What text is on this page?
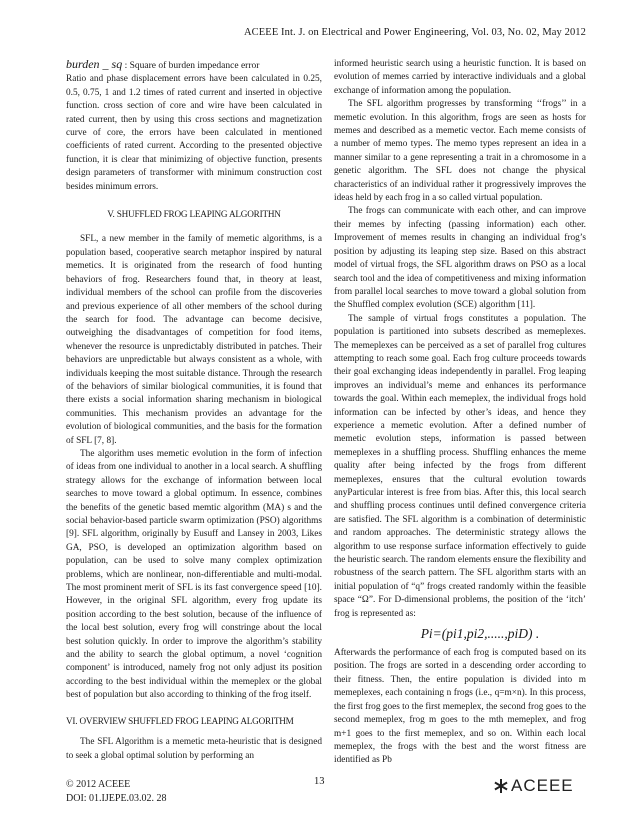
ACEEE Int. J. on Electrical and Power Engineering, Vol. 03, No. 02, May 2012

burden _ sq : Square of burden impedance error

Ratio and phase displacement errors have been calculated in 0.25, 0.5, 0.75, 1 and 1.2 times of rated current and inserted in objective function. cross section of core and wire have been calculated in rated current, then by using this cross sections and magnetization curve of core, the errors have been calculated in mentioned coefficients of rated current. According to the presented objective function, it is clear that minimizing of objective function, presents design parameters of transformer with minimum construction cost besides minimum errors.

V. SHUFFLED FROG LEAPING ALGORITHN

SFL, a new member in the family of memetic algorithms, is a population based, cooperative search metaphor inspired by natural memetics. It is originated from the research of food hunting behaviors of frog. Researchers found that, in theory at least, individual members of the school can profile from the discoveries and previous experience of all other members of the school during the search for food. The advantage can become decisive, outweighing the disadvantages of competition for food items, whenever the resource is unpredictably distributed in patches. Their behaviors are unpredictable but always consistent as a whole, with individuals keeping the most suitable distance. Through the research of the behaviors of similar biological communities, it is found that there exists a social information sharing mechanism in biological communities. This mechanism provides an advantage for the evolution of biological communities, and the basis for the formation of SFL [7, 8].

The algorithm uses memetic evolution in the form of infection of ideas from one individual to another in a local search. A shuffling strategy allows for the exchange of information between local searches to move toward a global optimum. In essence, combines the benefits of the genetic based memtic algorithm (MA) s and the social behavior-based particle swarm optimization (PSO) algorithms [9]. SFL algorithm, originally by Eusuff and Lansey in 2003, Likes GA, PSO, is developed an optimization algorithm based on population, can be used to solve many complex optimization problems, which are nonlinear, non-differentiable and multi-modal. The most prominent merit of SFL is its fast convergence speed [10]. However, in the original SFL algorithm, every frog update its position according to the best solution, because of the influence of the local best solution, every frog will constringe about the local best solution quickly. In order to improve the algorithm’s stability and the ability to search the global optimum, a novel ‘cognition component’ is introduced, namely frog not only adjust its position according to the best individual within the memeplex or the global best of population but also according to thinking of the frog itself.

VI. OVERVIEW SHUFFLED FROG LEAPING ALGORITHM

The SFL Algorithm is a memetic meta-heuristic that is designed to seek a global optimal solution by performing an

informed heuristic search using a heuristic function. It is based on evolution of memes carried by interactive individuals and a global exchange of information among the population.

The SFL algorithm progresses by transforming ‘‘frogs’’ in a memetic evolution. In this algorithm, frogs are seen as hosts for memes and described as a memetic vector. Each meme consists of a number of memo types. The memo types represent an idea in a manner similar to a gene representing a trait in a chromosome in a genetic algorithm. The SFL does not change the physical characteristics of an individual rather it progressively improves the ideas held by each frog in a so called virtual population.

The frogs can communicate with each other, and can improve their memes by infecting (passing information) each other. Improvement of memes results in changing an individual frog’s position by adjusting its leaping step size. Based on this abstract model of virtual frogs, the SFL algorithm draws on PSO as a local search tool and the idea of competitiveness and mixing information from parallel local searches to move toward a global solution from the Shuffled complex evolution (SCE) algorithm [11].

The sample of virtual frogs constitutes a population. The population is partitioned into subsets described as memeplexes. The memeplexes can be perceived as a set of parallel frog cultures attempting to reach some goal. Each frog culture proceeds towards their goal exchanging ideas independently in parallel. Frog leaping improves an individual’s meme and enhances its performance towards the goal. Within each memeplex, the individual frogs hold information can be infected by other’s ideas, and hence they experience a memetic evolution. After a defined number of memetic evolution steps, information is passed between memeplexes in a shuffling process. Shuffling enhances the meme quality after being infected by the frogs from different memeplexes, ensures that the cultural evolution towards anyParticular interest is free from bias. After this, this local search and shuffling process continues until defined convergence criteria are satisfied. The SFL algorithm is a combination of deterministic and random approaches. The deterministic strategy allows the algorithm to use response surface information effectively to guide the heuristic search. The random elements ensure the flexibility and robustness of the search pattern. The SFL algorithm starts with an initial population of “q” frogs created randomly within the feasible space “Ω”. For D-dimensional problems, the position of the ‘itch’ frog is represented as:

Pi=(pi1,pi2,.....,piD) .

Afterwards the performance of each frog is computed based on its position. The frogs are sorted in a descending order according to their fitness. Then, the entire population is divided into m memeplexes, each containing n frogs (i.e., q=m×n). In this process, the first frog goes to the first memeplex, the second frog goes to the second memeplex, frog m goes to the mth memeplex, and frog m+1 goes to the first memeplex, and so on. Within each local memeplex, the frogs with the best and the worst fitness are identified as Pb

© 2012 ACEEE
DOI: 01.IJEPE.03.02. 28
13	ACEEE
